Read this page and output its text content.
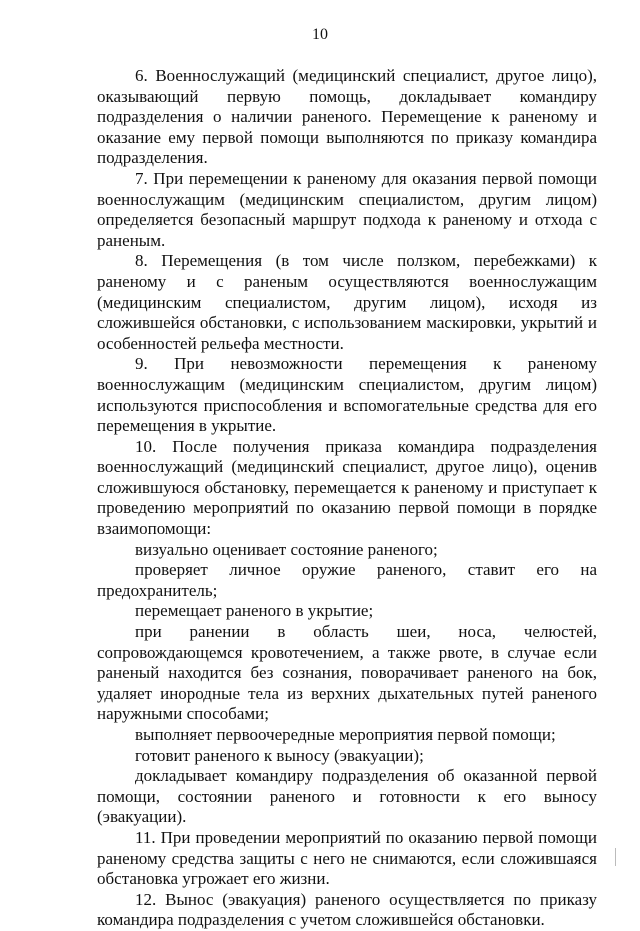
10

6. Военнослужащий (медицинский специалист, другое лицо), оказывающий первую помощь, докладывает командиру подразделения о наличии раненого. Перемещение к раненому и оказание ему первой помощи выполняются по приказу командира подразделения.

7. При перемещении к раненому для оказания первой помощи военнослужащим (медицинским специалистом, другим лицом) определяется безопасный маршрут подхода к раненому и отхода с раненым.

8. Перемещения (в том числе ползком, перебежками) к раненому и с раненым осуществляются военнослужащим (медицинским специалистом, другим лицом), исходя из сложившейся обстановки, с использованием маскировки, укрытий и особенностей рельефа местности.

9. При невозможности перемещения к раненому военнослужащим (медицинским специалистом, другим лицом) используются приспособления и вспомогательные средства для его перемещения в укрытие.

10. После получения приказа командира подразделения военнослужащий (медицинский специалист, другое лицо), оценив сложившуюся обстановку, перемещается к раненому и приступает к проведению мероприятий по оказанию первой помощи в порядке взаимопомощи:

визуально оценивает состояние раненого;

проверяет личное оружие раненого, ставит его на предохранитель;

перемещает раненого в укрытие;

при ранении в область шеи, носа, челюстей, сопровождающемся кровотечением, а также рвоте, в случае если раненый находится без сознания, поворачивает раненого на бок, удаляет инородные тела из верхних дыхательных путей раненого наружными способами;

выполняет первоочередные мероприятия первой помощи;

готовит раненого к выносу (эвакуации);

докладывает командиру подразделения об оказанной первой помощи, состоянии раненого и готовности к его выносу (эвакуации).

11. При проведении мероприятий по оказанию первой помощи раненому средства защиты с него не снимаются, если сложившаяся обстановка угрожает его жизни.

12. Вынос (эвакуация) раненого осуществляется по приказу командира подразделения с учетом сложившейся обстановки.
